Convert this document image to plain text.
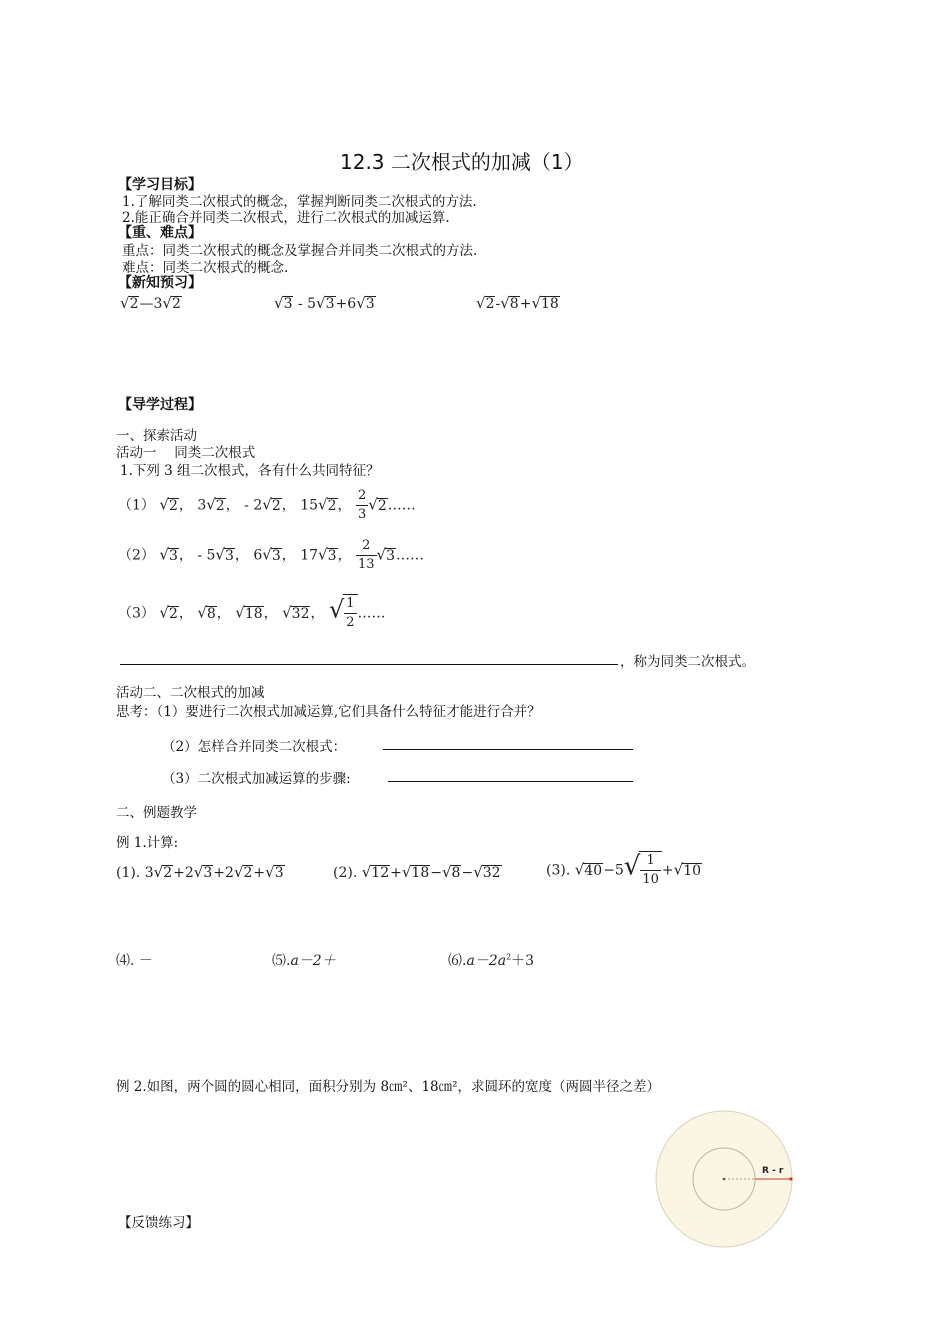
12.3 二次根式的加减（1）
【学习目标】
1.了解同类二次根式的概念，掌握判断同类二次根式的方法.
2.能正确合并同类二次根式，进行二次根式的加减运算.
【重、难点】
重点：同类二次根式的概念及掌握合并同类二次根式的方法.
难点：同类二次根式的概念.
【新知预习】
√2—3√2	√3 - 5√3+6√3	√2-√8+√18
【导学过程】
一、探索活动
活动一　 同类二次根式
1.下列 3 组二次根式，各有什么共同特征？
（1） √2， 3√2， - 2√2， 15√2， $\frac{2}{3}$ √2……
（2） √3， - 5√3， 6√3， 17√3， $\frac{2}{13}$ √3……
（3） √2， √8， √18， √32， √ $\frac{1}{2}$ ……
，称为同类二次根式。
活动二、二次根式的加减
思考：（1）要进行二次根式加减运算,它们具备什么特征才能进行合并？
（2）怎样合并同类二次根式：
（3）二次根式加减运算的步骤:
二、例题教学
例 1.计算:
(1). 3√2+2√3+2√2+√3	(2). √12+√18−√8−√32	(3). $√40-5√ \frac{1}{10} +√10$
⑷. －	⑸.a－2＋	$⑹.a-2a^2+3$
例 2.如图，两个圆的圆心相同，面积分别为 8㎝²、18㎝²，求圆环的宽度（两圆半径之差）
R - r
【反馈练习】
